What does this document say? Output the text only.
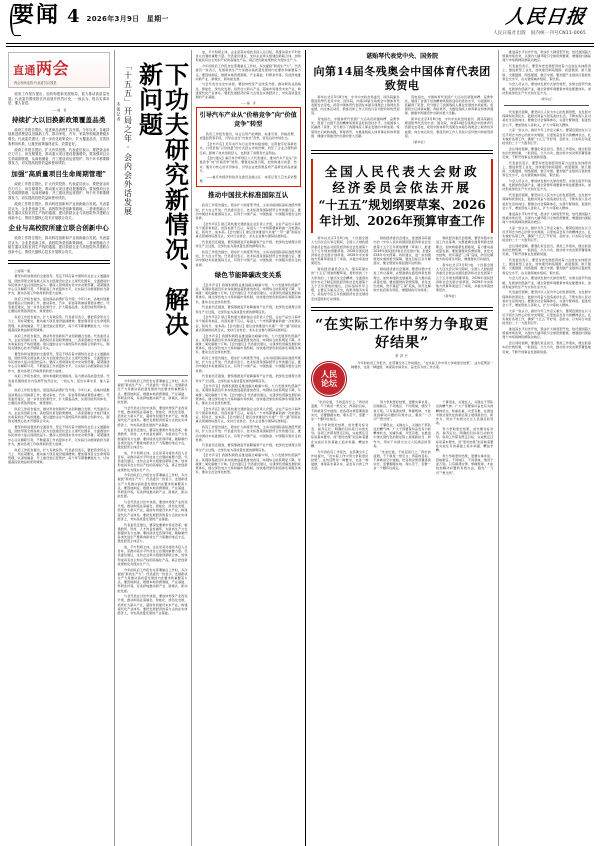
要闻 4 2026年3月9日　星期一	人民日报
人民日报社出版　国内统一刊号CN11-0065
直通两会
两会现场连线·代表委员议国是

政府工作报告提出，加快构建新发展格局，着力推动高质量发展。代表委员围绕报告内容展开热烈讨论，一致认为，报告实事求是、催人奋进。

——编　者
持续扩大以旧换新政策覆盖品类

政府工作报告提出，促进商品消费扩容升级。今年以来，各地持续推进消费品以旧换新工作，推动家电、汽车、家装等领域消费稳步增长。代表委员建议，进一步优化政策设计，扩大覆盖品类，完善回收利用体系，让惠民政策落得更实、效果更好。

政府工作报告提出，扩大有效投资。代表委员表示，要把资金用在刀刃上、用在紧要处，推动重大项目建设提速增效。要加强项目全生命周期管理，从谋划储备、开工建设到运营管护，每个环节都要精准发力，切实提高投资效益和使用绩效。

加强“高质量项目生命周期管理”

政府工作报告提出，扩大有效投资。代表委员表示，要把资金用在刀刃上、用在紧要处，推动重大项目建设提速增效。要加强项目全生命周期管理，从谋划储备、开工建设到运营管护，每个环节都要精准发力，切实提高投资效益和使用绩效。

政府工作报告提出，推动科技创新和产业创新融合发展。代表委员认为，企业是创新主体，高校院所是创新策源地，二者深度融合才能打通从实验室到生产线的通道。建议鼓励企业与高校院所共建联合创新中心，围绕关键核心技术开展联合攻关。

企业与高校院所建立联合创新中心

政府工作报告提出，推动科技创新和产业创新融合发展。代表委员认为，企业是创新主体，高校院所是创新策源地，二者深度融合才能打通从实验室到生产线的通道。建议鼓励企业与高校院所共建联合创新中心，围绕关键核心技术开展联合攻关。

上接第一版

要坚持和加强党的全面领导，坚定不移沿着中国特色社会主义道路前进，团结带领全国各族人民为全面建设社会主义现代化国家、全面推进中华民族伟大复兴而团结奋斗。要深入贯彻落实党中央决策部署，紧紧围绕中心任务履职尽责，不断提高工作质量和水平，以实际行动展现新担当新作为，推动各项工作取得新的更大成效。

政府工作报告提出，促进商品消费扩容升级。今年以来，各地持续推进消费品以旧换新工作，推动家电、汽车、家装等领域消费稳步增长。代表委员建议，进一步优化政策设计，扩大覆盖品类，完善回收利用体系，让惠民政策落得更实、效果更好。

政府工作报告提出，扩大有效投资。代表委员表示，要把资金用在刀刃上、用在紧要处，推动重大项目建设提速增效。要加强项目全生命周期管理，从谋划储备、开工建设到运营管护，每个环节都要精准发力，切实提高投资效益和使用绩效。

政府工作报告提出，推动科技创新和产业创新融合发展。代表委员认为，企业是创新主体，高校院所是创新策源地，二者深度融合才能打通从实验室到生产线的通道。建议鼓励企业与高校院所共建联合创新中心，围绕关键核心技术开展联合攻关。

要坚持和加强党的全面领导，坚定不移沿着中国特色社会主义道路前进，团结带领全国各族人民为全面建设社会主义现代化国家、全面推进中华民族伟大复兴而团结奋斗。要深入贯彻落实党中央决策部署，紧紧围绕中心任务履职尽责，不断提高工作质量和水平，以实际行动展现新担当新作为，推动各项工作取得新的更大成效。

政府工作报告提出，加快构建新发展格局，着力推动高质量发展。代表委员围绕报告内容展开热烈讨论，一致认为，报告实事求是、催人奋进。

政府工作报告提出，促进商品消费扩容升级。今年以来，各地持续推进消费品以旧换新工作，推动家电、汽车、家装等领域消费稳步增长。代表委员建议，进一步优化政策设计，扩大覆盖品类，完善回收利用体系，让惠民政策落得更实、效果更好。

政府工作报告提出，推动科技创新和产业创新融合发展。代表委员认为，企业是创新主体，高校院所是创新策源地，二者深度融合才能打通从实验室到生产线的通道。建议鼓励企业与高校院所共建联合创新中心，围绕关键核心技术开展联合攻关。

要坚持和加强党的全面领导，坚定不移沿着中国特色社会主义道路前进，团结带领全国各族人民为全面建设社会主义现代化国家、全面推进中华民族伟大复兴而团结奋斗。要深入贯彻落实党中央决策部署，紧紧围绕中心任务履职尽责，不断提高工作质量和水平，以实际行动展现新担当新作为，推动各项工作取得新的更大成效。

政府工作报告提出，扩大有效投资。代表委员表示，要把资金用在刀刃上、用在紧要处，推动重大项目建设提速增效。要加强项目全生命周期管理，从谋划储备、开工建设到运营管护，每个环节都要精准发力，切实提高投资效益和使用绩效。

下功夫研究新情况、解决新问题
「十五五」开局之年·会内会外话发展
本报记者

今年的政府工作报告在部署重点工作时，多次提到“新质生产力”。代表委员一致表示，发展新质生产力是推动高质量发展的内在要求和重要着力点。要因地制宜，根据本地资源禀赋、产业基础、科研条件等，有选择地推动新产业、新模式、新动能发展。

与会代表在讨论中谈到，要加快传统产业改造升级，推动制造业高端化、智能化、绿色化发展，培育壮大新兴产业，超前布局建设未来产业，构建现代化产业体系。要把发展经济的着力点放在实体经济上，夯实高质量发展的产业基础。

代表委员还建议，要深化要素市场化改革，畅通教育、科技、人才的良性循环，为新质生产力发展提供有力支撑。要持续优化营商环境，破除制约各类先进生产要素向新质生产力集聚的堵点卡点，激发经营主体活力。

成，平方积极主体，企业是其对接技术投入总目标，是推动高水平科技自立自强的重要力量。代表委员建议，支持企业牵头组建创新联合体，加快形成具有自主知识产权的高端化产品，真正把创新成果转化为现实生产力。

今年的政府工作报告在部署重点工作时，多次提到“新质生产力”。代表委员一致表示，发展新质生产力是推动高质量发展的内在要求和重要着力点。要因地制宜，根据本地资源禀赋、产业基础、科研条件等，有选择地推动新产业、新模式、新动能发展。

与会代表在讨论中谈到，要加快传统产业改造升级，推动制造业高端化、智能化、绿色化发展，培育壮大新兴产业，超前布局建设未来产业，构建现代化产业体系。要把发展经济的着力点放在实体经济上，夯实高质量发展的产业基础。

代表委员还建议，要深化要素市场化改革，畅通教育、科技、人才的良性循环，为新质生产力发展提供有力支撑。要持续优化营商环境，破除制约各类先进生产要素向新质生产力集聚的堵点卡点，激发经营主体活力。

成，平方积极主体，企业是其对接技术投入总目标，是推动高水平科技自立自强的重要力量。代表委员建议，支持企业牵头组建创新联合体，加快形成具有自主知识产权的高端化产品，真正把创新成果转化为现实生产力。

今年的政府工作报告在部署重点工作时，多次提到“新质生产力”。代表委员一致表示，发展新质生产力是推动高质量发展的内在要求和重要着力点。要因地制宜，根据本地资源禀赋、产业基础、科研条件等，有选择地推动新产业、新模式、新动能发展。

与会代表在讨论中谈到，要加快传统产业改造升级，推动制造业高端化、智能化、绿色化发展，培育壮大新兴产业，超前布局建设未来产业，构建现代化产业体系。要把发展经济的着力点放在实体经济上，夯实高质量发展的产业基础。

成，平方积极主体，企业是其对接技术投入总目标，是推动高水平科技自立自强的重要力量。代表委员建议，支持企业牵头组建创新联合体，加快形成具有自主知识产权的高端化产品，真正把创新成果转化为现实生产力。

今年的政府工作报告在部署重点工作时，多次提到“新质生产力”。代表委员一致表示，发展新质生产力是推动高质量发展的内在要求和重要着力点。要因地制宜，根据本地资源禀赋、产业基础、科研条件等，有选择地推动新产业、新模式、新动能发展。

与会代表在讨论中谈到，要加快传统产业改造升级，推动制造业高端化、智能化、绿色化发展，培育壮大新兴产业，超前布局建设未来产业，构建现代化产业体系。要把发展经济的着力点放在实体经济上，夯实高质量发展的产业基础。

——编　者
引导汽车产业从“价格竞争”向“价值竞争”转型

政府工作报告提出，综合运用产能调控、标准引领、价格治理、质量监管等手段，引导企业在“内卷式”竞争，营造良好市场生态。

【会外声音】近年来汽车行业竞争持续加剧，运用数字化等新技术，以低价格“以价换量”的方式抢占市场份额，挤压了企业合理利润空间，影响了技术创新投入，也损害了消费者长远利益。

【会内建议】重庆市沙坪坝区人大代表建议，推动汽车产业从“价格竞争”向“价值竞争”转型，要强化标准引领，加快构建以质量、技术、服务为核心的评价体系，引导企业把资源投向产品研发和品质提升。

——重庆市经济和信息化委员会副主任　本报记者王召杰采访整理

推动中国技术标准国际互认

政府工作报告提出，稳步扩大制度型开放，主动对接国际高标准经贸规则，扩大自主开放。代表委员表示，技术标准是国际经贸合作的通行证，推动中国技术标准国际互认，有利于中国产品、中国装备、中国服务更好走向世界。

【会外声音】浙江某轨道交通装备企业负责人介绍，企业产品出口海外多个国家和地区，但因标准不互认，每进入一个市场都要重新做一次检测认证，耗时长、成本高。【会内建议】建议加快推进与共建“一带一路”国家在重点领域的标准互认，支持行业协会、龙头企业参与国际标准制定。

代表委员还提到，要统筹推进节能降碳和产业升级，把绿色发展理念贯穿生产全过程，让绿色成为高质量发展的鲜明底色。

政府工作报告提出，稳步扩大制度型开放，主动对接国际高标准经贸规则，扩大自主开放。代表委员表示，技术标准是国际经贸合作的通行证，推动中国技术标准国际互认，有利于中国产品、中国装备、中国服务更好走向世界。

绿色节能降碳改变关系

【会外声音】我国积极稳妥推进碳达峰碳中和，大力发展绿色低碳产业。某钢铁集团近年来持续推进超低排放改造，吨钢综合能耗明显下降，年减排二氧化碳数十万吨。【会内建议】代表委员建议，完善绿色低碳发展的政策体系，健全绿色电力交易和碳市场机制，加快建设绿色制造体系和服务体系，推动全社会绿色转型。

代表委员还提到，要统筹推进节能降碳和产业升级，把绿色发展理念贯穿生产全过程，让绿色成为高质量发展的鲜明底色。

【会外声音】浙江某轨道交通装备企业负责人介绍，企业产品出口海外多个国家和地区，但因标准不互认，每进入一个市场都要重新做一次检测认证，耗时长、成本高。【会内建议】建议加快推进与共建“一带一路”国家在重点领域的标准互认，支持行业协会、龙头企业参与国际标准制定。

【会外声音】我国积极稳妥推进碳达峰碳中和，大力发展绿色低碳产业。某钢铁集团近年来持续推进超低排放改造，吨钢综合能耗明显下降，年减排二氧化碳数十万吨。【会内建议】代表委员建议，完善绿色低碳发展的政策体系，健全绿色电力交易和碳市场机制，加快建设绿色制造体系和服务体系，推动全社会绿色转型。

政府工作报告提出，稳步扩大制度型开放，主动对接国际高标准经贸规则，扩大自主开放。代表委员表示，技术标准是国际经贸合作的通行证，推动中国技术标准国际互认，有利于中国产品、中国装备、中国服务更好走向世界。

代表委员还提到，要统筹推进节能降碳和产业升级，把绿色发展理念贯穿生产全过程，让绿色成为高质量发展的鲜明底色。

【会外声音】我国积极稳妥推进碳达峰碳中和，大力发展绿色低碳产业。某钢铁集团近年来持续推进超低排放改造，吨钢综合能耗明显下降，年减排二氧化碳数十万吨。【会内建议】代表委员建议，完善绿色低碳发展的政策体系，健全绿色电力交易和碳市场机制，加快建设绿色制造体系和服务体系，推动全社会绿色转型。

【会外声音】浙江某轨道交通装备企业负责人介绍，企业产品出口海外多个国家和地区，但因标准不互认，每进入一个市场都要重新做一次检测认证，耗时长、成本高。【会内建议】建议加快推进与共建“一带一路”国家在重点领域的标准互认，支持行业协会、龙头企业参与国际标准制定。

政府工作报告提出，稳步扩大制度型开放，主动对接国际高标准经贸规则，扩大自主开放。代表委员表示，技术标准是国际经贸合作的通行证，推动中国技术标准国际互认，有利于中国产品、中国装备、中国服务更好走向世界。

代表委员还提到，要统筹推进节能降碳和产业升级，把绿色发展理念贯穿生产全过程，让绿色成为高质量发展的鲜明底色。

【会外声音】我国积极稳妥推进碳达峰碳中和，大力发展绿色低碳产业。某钢铁集团近年来持续推进超低排放改造，吨钢综合能耗明显下降，年减排二氧化碳数十万吨。【会内建议】代表委员建议，完善绿色低碳发展的政策体系，健全绿色电力交易和碳市场机制，加快建设绿色制造体系和服务体系，推动全社会绿色转型。

谌贻琴代表党中央、国务院
向第14届冬残奥会中国体育代表团致贺电

新华社北京3月8日电　中共中央政治局委员、国务院副总理谌贻琴代表党中央、国务院，向第14届冬残奥会中国体育代表团发去贺电，祝贺中国体育代表团在本届冬残奥会上取得优异成绩，向全体运动员、教练员和工作人员致以亲切慰问和热烈祝贺。

贺电指出，中国体育代表团广大运动员顽强拼搏、奋勇争先，展现了自强不息的精神风貌和良好的竞技水平，为祖国和人民赢得了荣誉，充分展示了我国残疾人事业发展的丰硕成果。希望同志们戒骄戒躁，再接再厉，为推进残疾人体育事业和体育强国、健康中国建设作出新的更大贡献。

贺电指出，中国体育代表团广大运动员顽强拼搏、奋勇争先，展现了自强不息的精神风貌和良好的竞技水平，为祖国和人民赢得了荣誉，充分展示了我国残疾人事业发展的丰硕成果。希望同志们戒骄戒躁，再接再厉，为推进残疾人体育事业和体育强国、健康中国建设作出新的更大贡献。

新华社北京3月8日电　中共中央政治局委员、国务院副总理谌贻琴代表党中央、国务院，向第14届冬残奥会中国体育代表团发去贺电，祝贺中国体育代表团在本届冬残奥会上取得优异成绩，向全体运动员、教练员和工作人员致以亲切慰问和热烈祝贺。

（新华社）

全国人民代表大会财政经济委员会依法开展
“十五五”规划纲要草案、2026年计划、2026年预算审查工作

新华社北京3月8日电　十四届全国人大四次会议举行期间，全国人大财政经济委员会依法对国民经济和社会发展第十五个五年规划纲要草案、2026年国民经济和社会发展计划草案、2026年中央和地方预算草案进行了审查，并提出审查结果报告。

财政经济委员会认为，国务院提出的“十五五”规划纲要草案，贯彻党的二十大和党的二十届历次全会精神，全面落实党中央关于制定国民经济和社会发展第十五个五年规划的建议，目标指标科学合理，主要任务重点突出，政策举措务实有力，是指导今后五年我国经济社会发展的宏伟蓝图和行动纲领。

财政经济委员会建议，批准国务院提出的《中华人民共和国国民经济和社会发展第十五个五年规划纲要（草案）》，批准2026年国民经济和社会发展计划，批准2026年中央预算。同时建议，进一步加强规划实施的组织保障，强化目标任务分解落实，健全规划实施监测评估机制。

财政经济委员会强调，要坚持稳中求进工作总基调，完整准确全面贯彻新发展理念，加快构建新发展格局，着力推动高质量发展。要加强财政资源统筹，优化支出结构，兜牢基层“三保”底线，防范化解地方政府债务风险，增强财政可持续性。

财政经济委员会强调，要坚持稳中求进工作总基调，完整准确全面贯彻新发展理念，加快构建新发展格局，着力推动高质量发展。要加强财政资源统筹，优化支出结构，兜牢基层“三保”底线，防范化解地方政府债务风险，增强财政可持续性。

新华社北京3月8日电　十四届全国人大四次会议举行期间，全国人大财政经济委员会依法对国民经济和社会发展第十五个五年规划纲要草案、2026年国民经济和社会发展计划草案、2026年中央和地方预算草案进行了审查，并提出审查结果报告。

（新华社）

“在实际工作中努力争取更好结果”
李洪兴
人民
论坛

今年的政府工作报告，在部署全年工作时提出，“在实际工作中努力争取更好结果”。这句话既是一种要求，也是一种鼓励，体现着求真务实、奋发有为的工作态度。

“坐而论道，不如起而行之。”再好的蓝图，不干就是一纸空文；再高的目标，不拼就是空中楼阁。把各项决策部署落到实处，需要脚踏实地、埋头苦干，需要一步一个脚印往前走。

努力争取更好结果，首先要对标对表、看齐定位。明确的目标是行动的先导。各项工作都有既定目标，完成既定目标是基本要求，而“更好结果”则意味着要在完成任务的基础上追求卓越、精益求精。

今年的政府工作报告，在部署全年工作时提出，“在实际工作中努力争取更好结果”。这句话既是一种要求，也是一种鼓励，体现着求真务实、奋发有为的工作态度。

努力争取更好结果，更要实事求是、因地制宜。不同地区、不同领域，情况千差万别。只有摸清实情、掌握规律，才能找到解决问题的有效办法，避免“一刀切”“想当然”。

干事创业，关键在人，关键在干部队伍的精气神。广大干部要保持奋发有为的精神状态，知重负重、攻坚克难，在推进中国式现代化的新征程上展现新担当、新作为，用实干实绩交出让人民满意的答卷。

“坐而论道，不如起而行之。”再好的蓝图，不干就是一纸空文；再高的目标，不拼就是空中楼阁。把各项决策部署落到实处，需要脚踏实地、埋头苦干，需要一步一个脚印往前走。

干事创业，关键在人，关键在干部队伍的精气神。广大干部要保持奋发有为的精神状态，知重负重、攻坚克难，在推进中国式现代化的新征程上展现新担当、新作为，用实干实绩交出让人民满意的答卷。

努力争取更好结果，首先要对标对表、看齐定位。明确的目标是行动的先导。各项工作都有既定目标，完成既定目标是基本要求，而“更好结果”则意味着要在完成任务的基础上追求卓越、精益求精。

努力争取更好结果，更要实事求是、因地制宜。不同地区、不同领域，情况千差万别。只有摸清实情、掌握规律，才能找到解决问题的有效办法，避免“一刀切”“想当然”。

推进高水平对外开放，稳步扩大制度型开放，依托我国超大规模市场优势，以国内大循环吸引全球资源要素，增强国内国际两个市场两种资源联动效应。

代表委员表示，要坚持把发展经济的着力点放在实体经济上，推进新型工业化，加快建设制造强国、质量强国、航天强国、交通强国、网络强国、数字中国。要加强产业链供应链韧性和安全水平，在关键领域补短板、锻长板。

与会人员认为，要加快发展方式绿色转型，实施全面节约战略，发展绿色低碳产业，健全资源环境要素市场化配置体系，加快形成绿色生产方式和生活方式。

（新华社）

代表委员强调，要坚持以人民为中心的发展思想，在发展中保障和改善民生，鼓励共同奋斗创造美好生活，不断实现人民对美好生活的向往。要健全社会保障体系，完善分配制度，促进机会公平，增加低收入者收入，扩大中等收入群体。

大家一致认为，做好今年工作意义重大。要紧密团结在以习近平同志为核心的党中央周围，以更加奋发有为的精神状态，扎实做好各项工作，确保“十五五”开好局、起好步，以实际行动迎接党的二十一大胜利召开。

会议同时强调，要强化责任担当，狠抓工作落实，健全抓落实的长效机制，一抓到底、久久为功，推动党中央决策部署落地见效，不断开创事业发展新局面。

代表委员表示，要坚持把发展经济的着力点放在实体经济上，推进新型工业化，加快建设制造强国、质量强国、航天强国、交通强国、网络强国、数字中国。要加强产业链供应链韧性和安全水平，在关键领域补短板、锻长板。

与会人员认为，要加快发展方式绿色转型，实施全面节约战略，发展绿色低碳产业，健全资源环境要素市场化配置体系，加快形成绿色生产方式和生活方式。

代表委员强调，要坚持以人民为中心的发展思想，在发展中保障和改善民生，鼓励共同奋斗创造美好生活，不断实现人民对美好生活的向往。要健全社会保障体系，完善分配制度，促进机会公平，增加低收入者收入，扩大中等收入群体。

推进高水平对外开放，稳步扩大制度型开放，依托我国超大规模市场优势，以国内大循环吸引全球资源要素，增强国内国际两个市场两种资源联动效应。

大家一致认为，做好今年工作意义重大。要紧密团结在以习近平同志为核心的党中央周围，以更加奋发有为的精神状态，扎实做好各项工作，确保“十五五”开好局、起好步，以实际行动迎接党的二十一大胜利召开。

会议同时强调，要强化责任担当，狠抓工作落实，健全抓落实的长效机制，一抓到底、久久为功，推动党中央决策部署落地见效，不断开创事业发展新局面。

代表委员表示，要坚持把发展经济的着力点放在实体经济上，推进新型工业化，加快建设制造强国、质量强国、航天强国、交通强国、网络强国、数字中国。要加强产业链供应链韧性和安全水平，在关键领域补短板、锻长板。

与会人员认为，要加快发展方式绿色转型，实施全面节约战略，发展绿色低碳产业，健全资源环境要素市场化配置体系，加快形成绿色生产方式和生活方式。

代表委员强调，要坚持以人民为中心的发展思想，在发展中保障和改善民生，鼓励共同奋斗创造美好生活，不断实现人民对美好生活的向往。要健全社会保障体系，完善分配制度，促进机会公平，增加低收入者收入，扩大中等收入群体。

大家一致认为，做好今年工作意义重大。要紧密团结在以习近平同志为核心的党中央周围，以更加奋发有为的精神状态，扎实做好各项工作，确保“十五五”开好局、起好步，以实际行动迎接党的二十一大胜利召开。

推进高水平对外开放，稳步扩大制度型开放，依托我国超大规模市场优势，以国内大循环吸引全球资源要素，增强国内国际两个市场两种资源联动效应。

会议同时强调，要强化责任担当，狠抓工作落实，健全抓落实的长效机制，一抓到底、久久为功，推动党中央决策部署落地见效，不断开创事业发展新局面。
